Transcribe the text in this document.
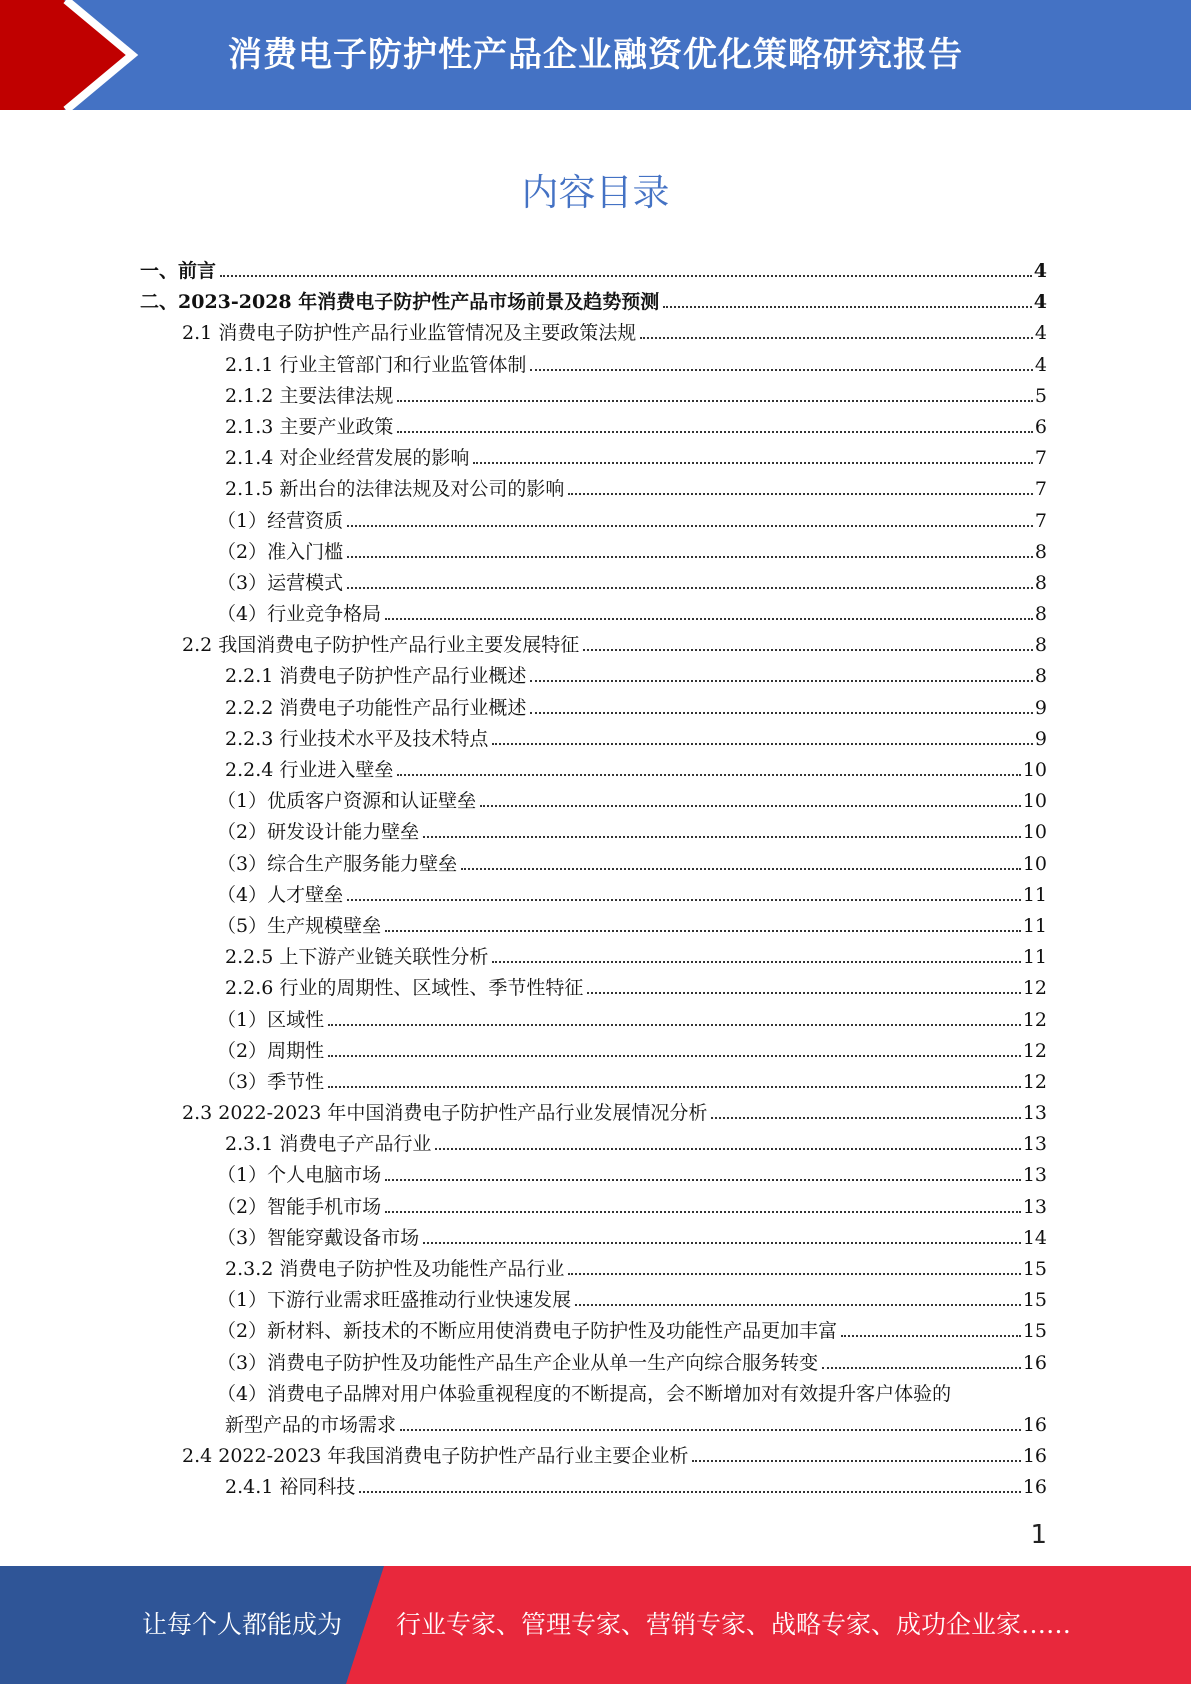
消费电子防护性产品企业融资优化策略研究报告
内容目录
一、前言	4
二、2023-2028 年消费电子防护性产品市场前景及趋势预测	4
2.1 消费电子防护性产品行业监管情况及主要政策法规	4
2.1.1 行业主管部门和行业监管体制	4
2.1.2 主要法律法规	5
2.1.3 主要产业政策	6
2.1.4 对企业经营发展的影响	7
2.1.5 新出台的法律法规及对公司的影响	7
（1）经营资质	7
（2）准入门槛	8
（3）运营模式	8
（4）行业竞争格局	8
2.2 我国消费电子防护性产品行业主要发展特征	8
2.2.1 消费电子防护性产品行业概述	8
2.2.2 消费电子功能性产品行业概述	9
2.2.3 行业技术水平及技术特点	9
2.2.4 行业进入壁垒	10
（1）优质客户资源和认证壁垒	10
（2）研发设计能力壁垒	10
（3）综合生产服务能力壁垒	10
（4）人才壁垒	11
（5）生产规模壁垒	11
2.2.5 上下游产业链关联性分析	11
2.2.6 行业的周期性、区域性、季节性特征	12
（1）区域性	12
（2）周期性	12
（3）季节性	12
2.3 2022-2023 年中国消费电子防护性产品行业发展情况分析	13
2.3.1 消费电子产品行业	13
（1）个人电脑市场	13
（2）智能手机市场	13
（3）智能穿戴设备市场	14
2.3.2 消费电子防护性及功能性产品行业	15
（1）下游行业需求旺盛推动行业快速发展	15
（2）新材料、新技术的不断应用使消费电子防护性及功能性产品更加丰富	15
（3）消费电子防护性及功能性产品生产企业从单一生产向综合服务转变	16
（4）消费电子品牌对用户体验重视程度的不断提高，会不断增加对有效提升客户体验的
新型产品的市场需求	16
2.4 2022-2023 年我国消费电子防护性产品行业主要企业析	16
2.4.1 裕同科技	16
1
让每个人都能成为 行业专家、管理专家、营销专家、战略专家、成功企业家……
